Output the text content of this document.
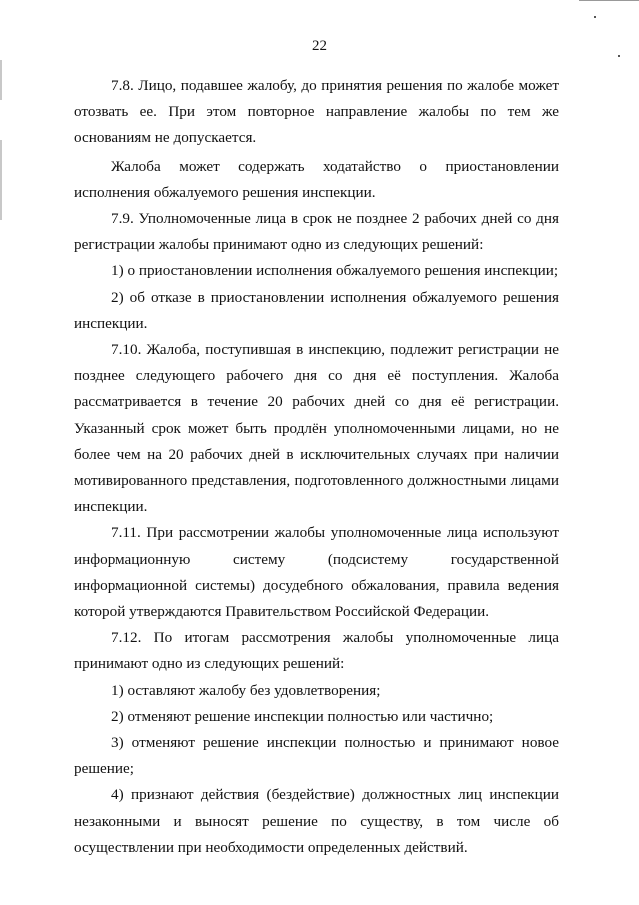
22

7.8. Лицо, подавшее жалобу, до принятия решения по жалобе может отозвать ее. При этом повторное направление жалобы по тем же основаниям не допускается.

Жалоба может содержать ходатайство о приостановлении исполнения обжалуемого решения инспекции.

7.9. Уполномоченные лица в срок не позднее 2 рабочих дней со дня регистрации жалобы принимают одно из следующих решений:

1) о приостановлении исполнения обжалуемого решения инспекции;

2) об отказе в приостановлении исполнения обжалуемого решения инспекции.

7.10. Жалоба, поступившая в инспекцию, подлежит регистрации не позднее следующего рабочего дня со дня её поступления. Жалоба рассматривается в течение 20 рабочих дней со дня её регистрации. Указанный срок может быть продлён уполномоченными лицами, но не более чем на 20 рабочих дней в исключительных случаях при наличии мотивированного представления, подготовленного должностными лицами инспекции.

7.11. При рассмотрении жалобы уполномоченные лица используют информационную систему (подсистему государственной информационной системы) досудебного обжалования, правила ведения которой утверждаются Правительством Российской Федерации.

7.12. По итогам рассмотрения жалобы уполномоченные лица принимают одно из следующих решений:

1) оставляют жалобу без удовлетворения;

2) отменяют решение инспекции полностью или частично;

3) отменяют решение инспекции полностью и принимают новое решение;

4) признают действия (бездействие) должностных лиц инспекции незаконными и выносят решение по существу, в том числе об осуществлении при необходимости определенных действий.
